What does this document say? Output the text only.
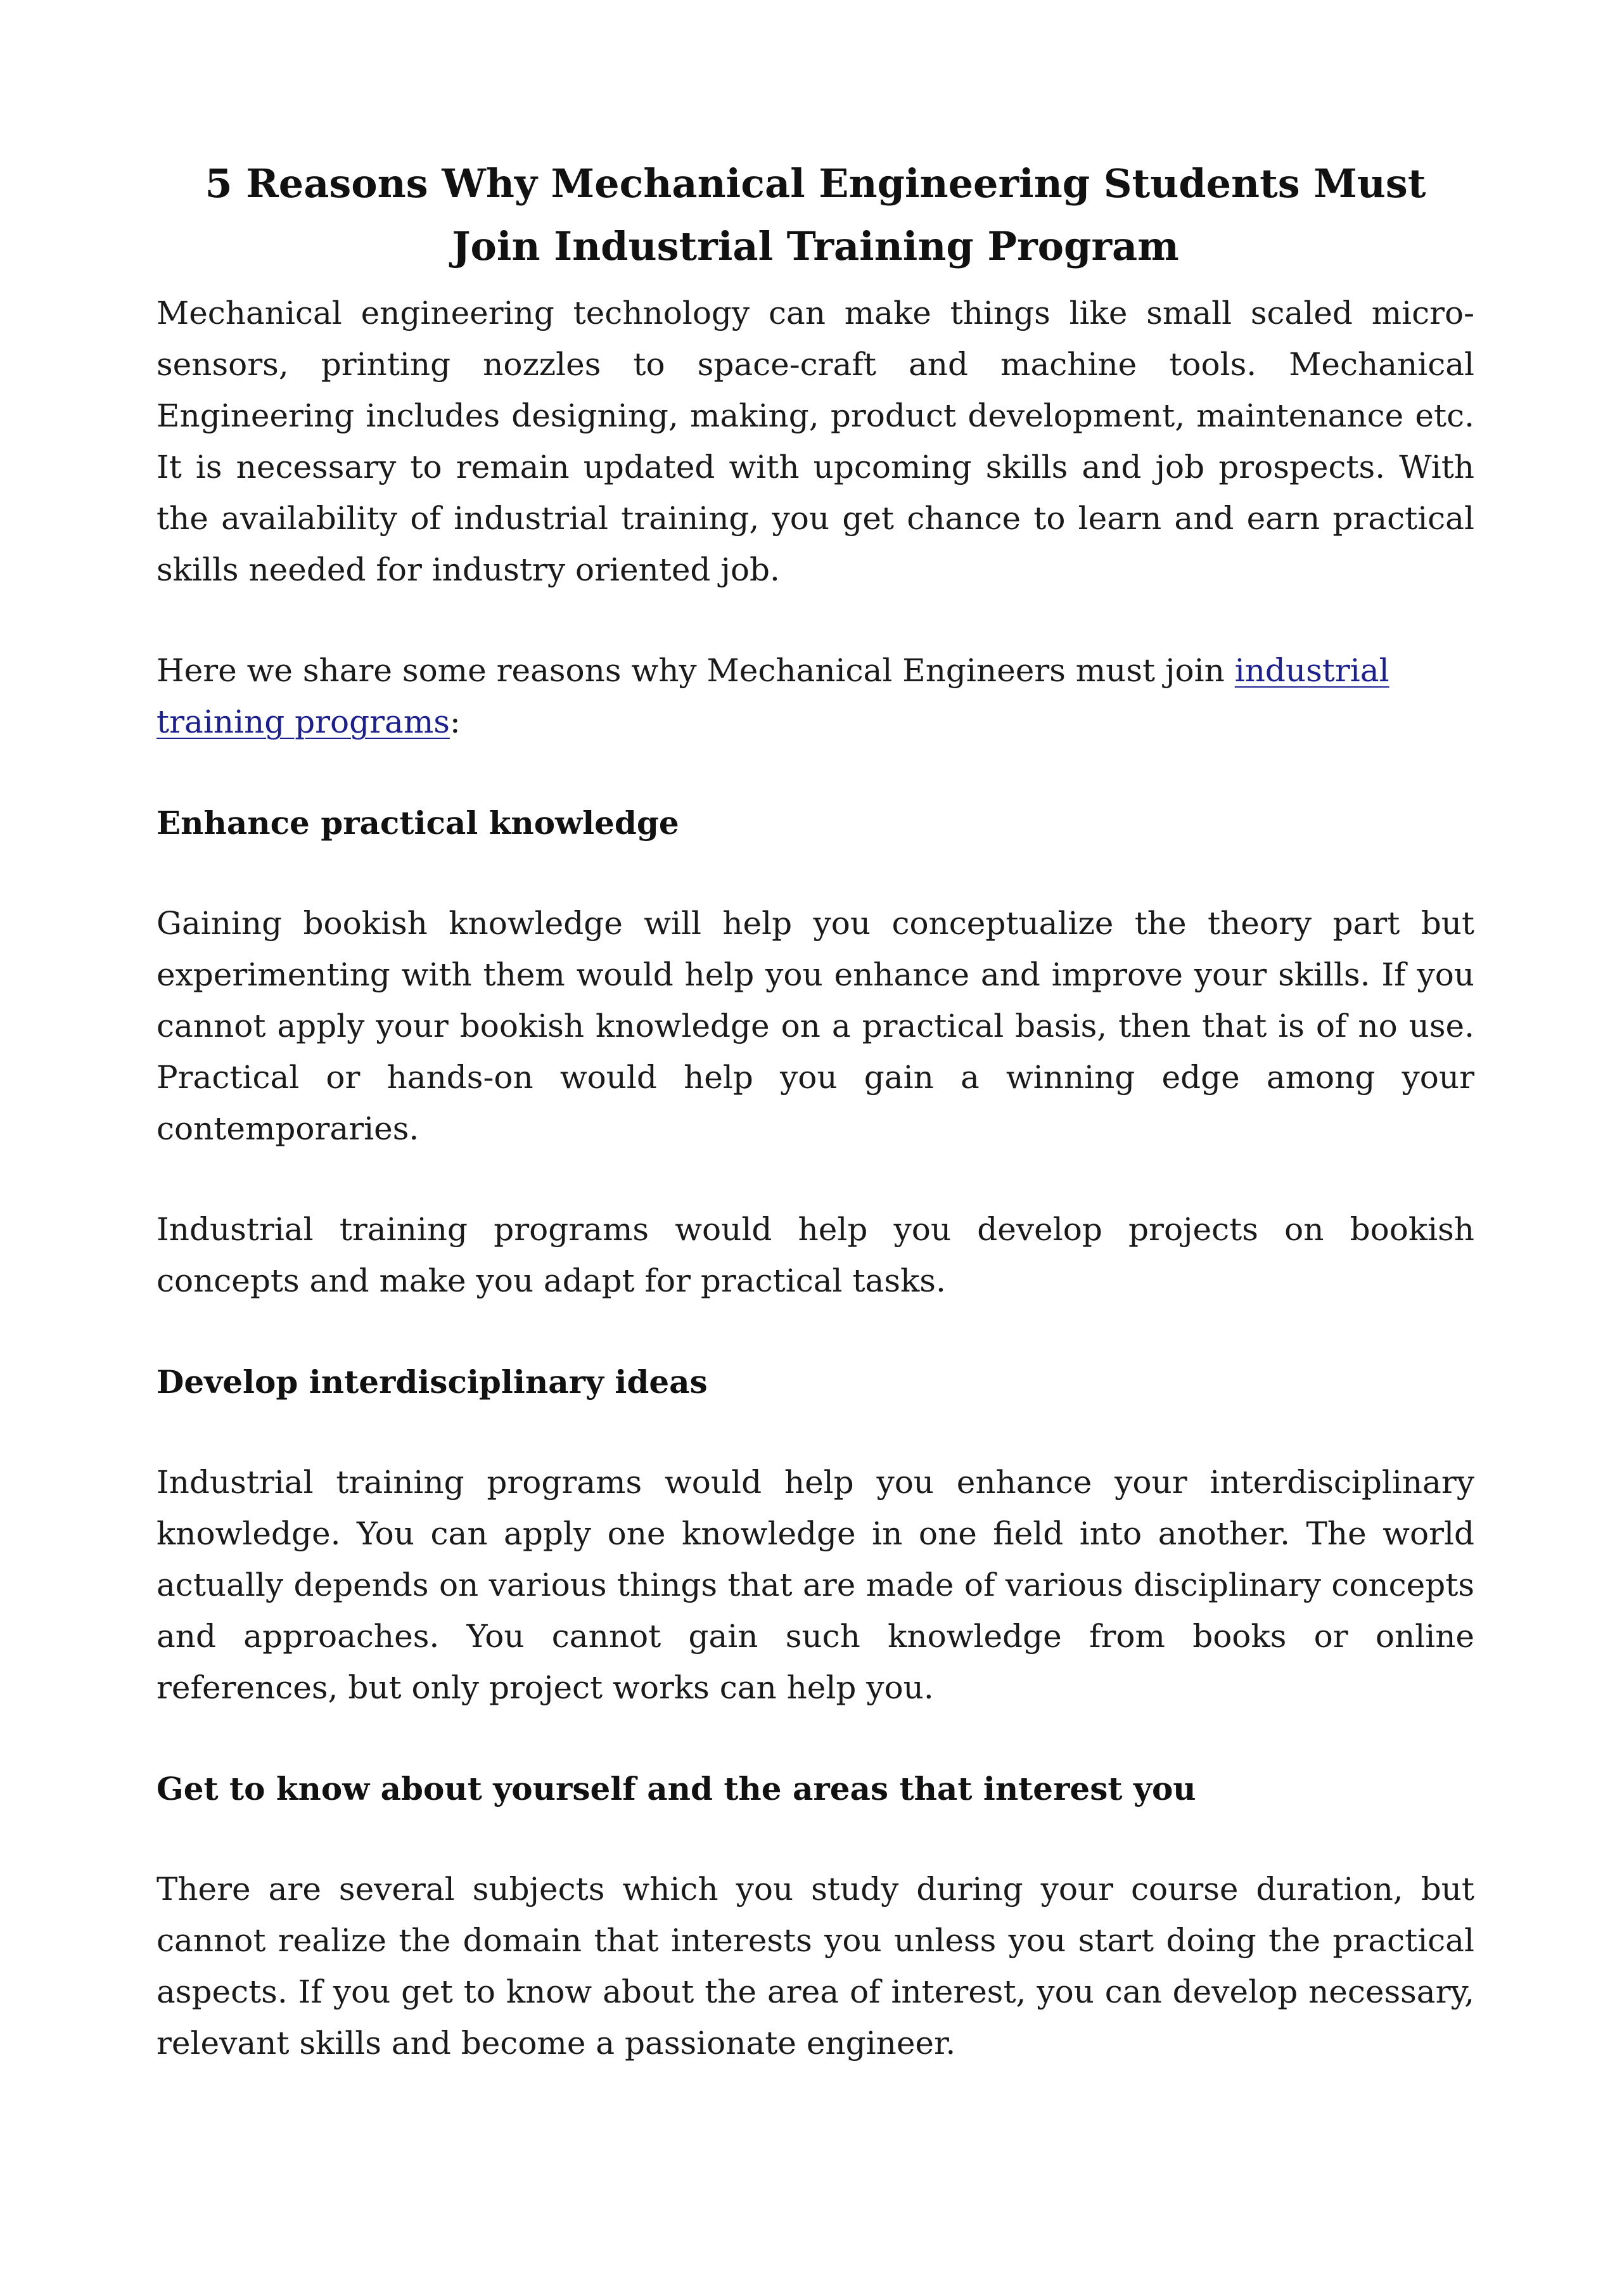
5 Reasons Why Mechanical Engineering Students Must Join Industrial Training Program

Mechanical engineering technology can make things like small scaled micro-sensors, printing nozzles to space-craft and machine tools. Mechanical Engineering includes designing, making, product development, maintenance etc. It is necessary to remain updated with upcoming skills and job prospects. With the availability of industrial training, you get chance to learn and earn practical skills needed for industry oriented job.

Here we share some reasons why Mechanical Engineers must join industrial training programs:

Enhance practical knowledge

Gaining bookish knowledge will help you conceptualize the theory part but experimenting with them would help you enhance and improve your skills. If you cannot apply your bookish knowledge on a practical basis, then that is of no use. Practical or hands-on would help you gain a winning edge among your contemporaries.

Industrial training programs would help you develop projects on bookish concepts and make you adapt for practical tasks.

Develop interdisciplinary ideas

Industrial training programs would help you enhance your interdisciplinary knowledge. You can apply one knowledge in one field into another. The world actually depends on various things that are made of various disciplinary concepts and approaches. You cannot gain such knowledge from books or online references, but only project works can help you.

Get to know about yourself and the areas that interest you

There are several subjects which you study during your course duration, but cannot realize the domain that interests you unless you start doing the practical aspects. If you get to know about the area of interest, you can develop necessary, relevant skills and become a passionate engineer.
